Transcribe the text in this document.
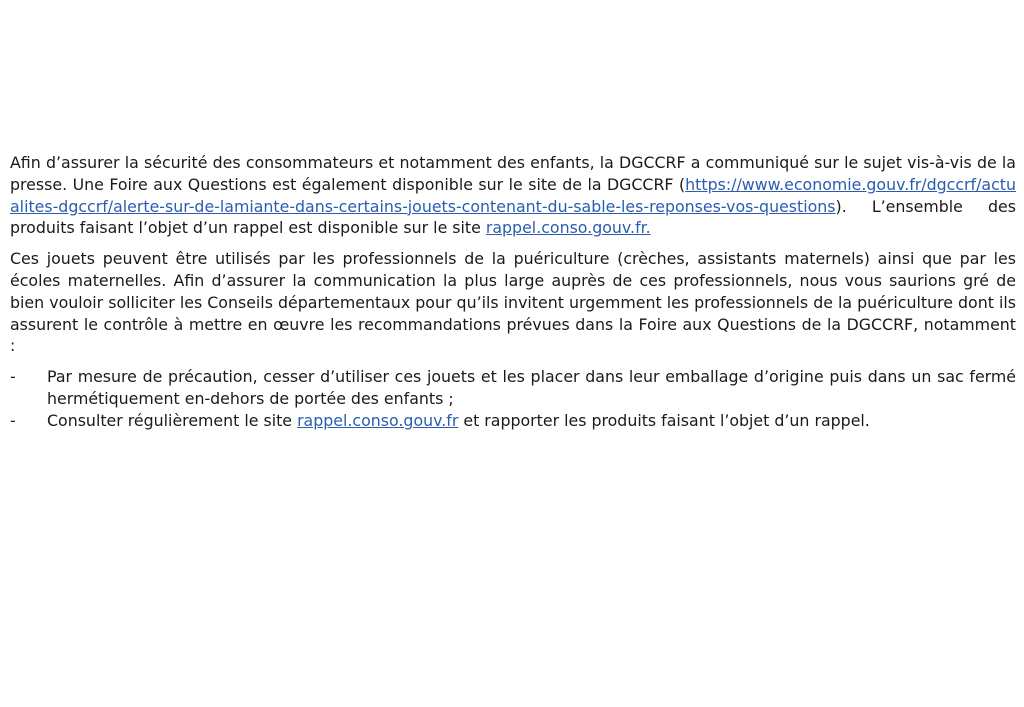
Afin d’assurer la sécurité des consommateurs et notamment des enfants, la DGCCRF a communiqué sur le sujet vis-à-vis de la presse. Une Foire aux Questions est également disponible sur le site de la DGCCRF (https://www.economie.gouv.fr/dgccrf/actualites-dgccrf/alerte-sur-de-lamiante-dans-certains-jouets-contenant-du-sable-les-reponses-vos-questions). L’ensemble des produits faisant l’objet d’un rappel est disponible sur le site rappel.conso.gouv.fr.

Ces jouets peuvent être utilisés par les professionnels de la puériculture (crèches, assistants maternels) ainsi que par les écoles maternelles. Afin d’assurer la communication la plus large auprès de ces professionnels, nous vous saurions gré de bien vouloir solliciter les Conseils départementaux pour qu’ils invitent urgemment les professionnels de la puériculture dont ils assurent le contrôle à mettre en œuvre les recommandations prévues dans la Foire aux Questions de la DGCCRF, notamment :

-	Par mesure de précaution, cesser d’utiliser ces jouets et les placer dans leur emballage d’origine puis dans un sac fermé hermétiquement en-dehors de portée des enfants ;
-	Consulter régulièrement le site rappel.conso.gouv.fr et rapporter les produits faisant l’objet d’un rappel.
